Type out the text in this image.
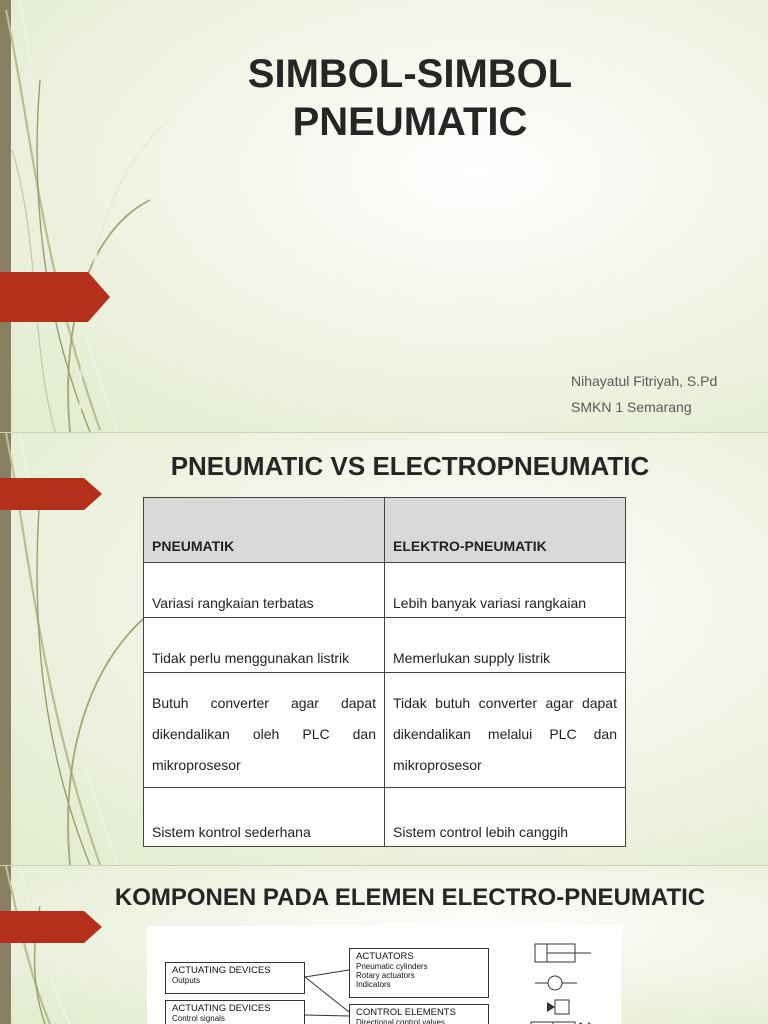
SIMBOL-SIMBOL
PNEUMATIC
Nihayatul Fitriyah, S.Pd
SMKN 1 Semarang
PNEUMATIC VS ELECTROPNEUMATIC
PNEUMATIK	ELEKTRO-PNEUMATIK
Variasi rangkaian terbatas	Lebih banyak variasi rangkaian
Tidak perlu menggunakan listrik	Memerlukan supply listrik
Butuh converter agar dapat dikendalikan oleh PLC dan mikroprosesor	Tidak butuh converter agar dapat dikendalikan melalui PLC dan mikroprosesor
Sistem kontrol sederhana	Sistem control lebih canggih
KOMPONEN PADA ELEMEN ELECTRO-PNEUMATIC
ACTUATING DEVICES
Outputs
ACTUATING DEVICES
Control signals
ACTUATORS
Pneumatic cylinders
Rotary actuators
Indicators
CONTROL ELEMENTS
Directional control valves
